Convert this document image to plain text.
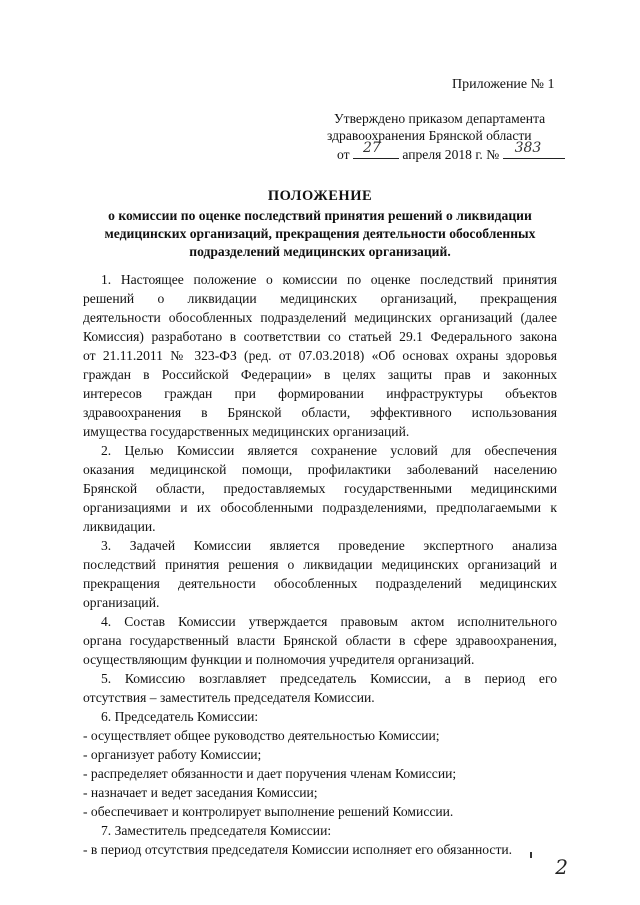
Приложение № 1
Утверждено приказом департамента
здравоохранения Брянской области
от 27 апреля 2018 г. № 383
ПОЛОЖЕНИЕ
о комиссии по оценке последствий принятия решений о ликвидации
медицинских организаций, прекращения деятельности обособленных
подразделений медицинских организаций.
1. Настоящее положение о комиссии по оценке последствий принятия
решений о ликвидации медицинских организаций, прекращения
деятельности обособленных подразделений медицинских организаций (далее
Комиссия) разработано в соответствии со статьей 29.1 Федерального закона
от 21.11.2011 № 323-ФЗ (ред. от 07.03.2018) «Об основах охраны здоровья
граждан в Российской Федерации» в целях защиты прав и законных
интересов граждан при формировании инфраструктуры объектов
здравоохранения в Брянской области, эффективного использования
имущества государственных медицинских организаций.
2. Целью Комиссии является сохранение условий для обеспечения
оказания медицинской помощи, профилактики заболеваний населению
Брянской области, предоставляемых государственными медицинскими
организациями и их обособленными подразделениями, предполагаемыми к
ликвидации.
3. Задачей Комиссии является проведение экспертного анализа
последствий принятия решения о ликвидации медицинских организаций и
прекращения деятельности обособленных подразделений медицинских
организаций.
4. Состав Комиссии утверждается правовым актом исполнительного
органа государственный власти Брянской области в сфере здравоохранения,
осуществляющим функции и полномочия учредителя организаций.
5. Комиссию возглавляет председатель Комиссии, а в период его
отсутствия – заместитель председателя Комиссии.
6. Председатель Комиссии:
- осуществляет общее руководство деятельностью Комиссии;
- организует работу Комиссии;
- распределяет обязанности и дает поручения членам Комиссии;
- назначает и ведет заседания Комиссии;
- обеспечивает и контролирует выполнение решений Комиссии.
7. Заместитель председателя Комиссии:
- в период отсутствия председателя Комиссии исполняет его обязанности.
2
